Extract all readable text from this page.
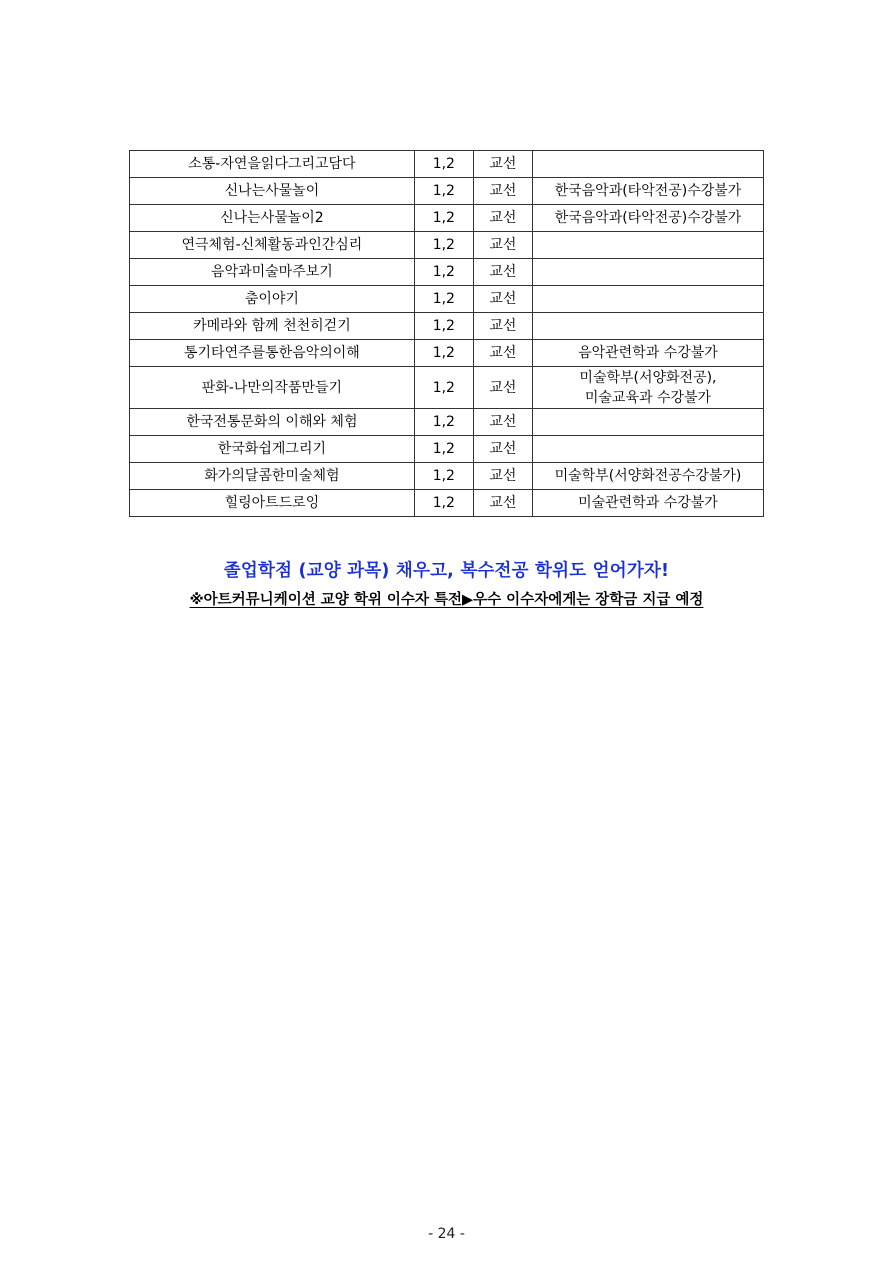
소통-자연을읽다그리고담다	1,2	교선	
신나는사물놀이	1,2	교선	한국음악과(타악전공)수강불가
신나는사물놀이2	1,2	교선	한국음악과(타악전공)수강불가
연극체험-신체활동과인간심리	1,2	교선	
음악과미술마주보기	1,2	교선	
춤이야기	1,2	교선	
카메라와 함께 천천히걷기	1,2	교선	
통기타연주를통한음악의이해	1,2	교선	음악관련학과 수강불가
판화-나만의작품만들기	1,2	교선	미술학부(서양화전공),
미술교육과 수강불가

한국전통문화의 이해와 체험	1,2	교선	
한국화쉽게그리기	1,2	교선	
화가의달콤한미술체험	1,2	교선	미술학부(서양화전공수강불가)
힐링아트드로잉	1,2	교선	미술관련학과 수강불가
졸업학점 (교양 과목) 채우고, 복수전공 학위도 얻어가자!
※아트커뮤니케이션 교양 학위 이수자 특전▶우수 이수자에게는 장학금 지급 예정
- 24 -
